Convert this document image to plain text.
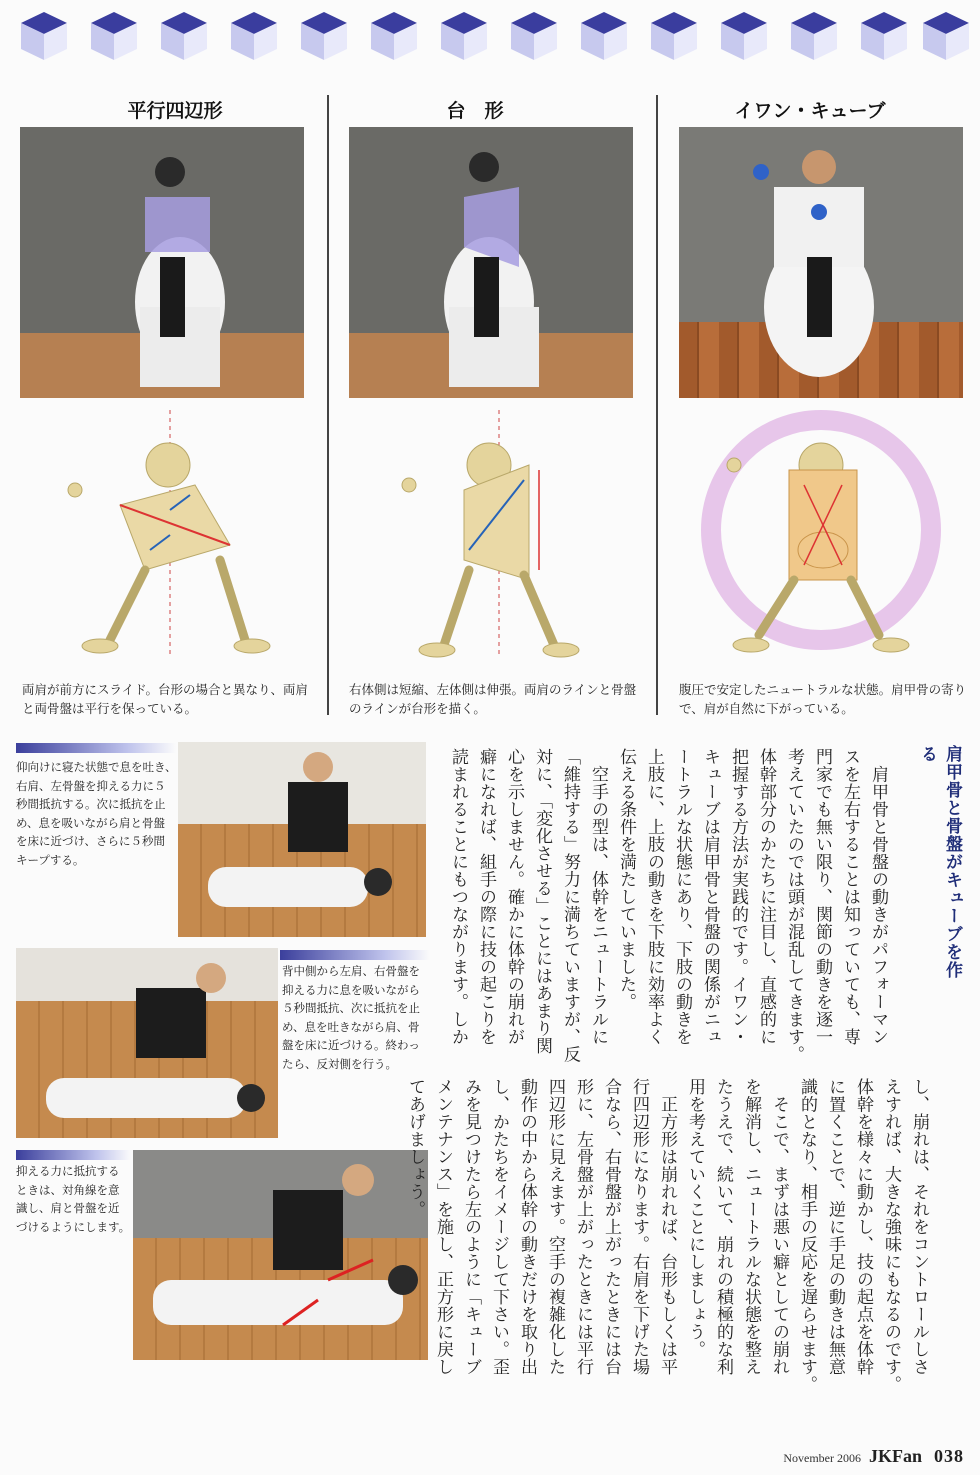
平行四辺形	台　形	イワン・キューブ
両肩が前方にスライド。台形の場合と異なり、両肩
と両骨盤は平行を保っている。
右体側は短縮、左体側は伸張。両肩のラインと骨盤
のラインが台形を描く。
腹圧で安定したニュートラルな状態。肩甲骨の寄り
で、肩が自然に下がっている。
仰向けに寝た状態で息を吐き、
右肩、左骨盤を抑える力に５
秒間抵抗する。次に抵抗を止
め、息を吸いながら肩と骨盤
を床に近づけ、さらに５秒間
キープする。
背中側から左肩、右骨盤を
抑える力に息を吸いながら
５秒間抵抗、次に抵抗を止
め、息を吐きながら肩、骨
盤を床に近づける。終わっ
たら、反対側を行う。
抑える力に抵抗する
ときは、対角線を意
識し、肩と骨盤を近
づけるようにします。
肩甲骨と骨盤がキューブを作る
　肩甲骨と骨盤の動きがパフォーマン
スを左右することは知っていても、専
門家でも無い限り、関節の動きを逐一
考えていたのでは頭が混乱してきます。
体幹部分のかたちに注目し、直感的に
把握する方法が実践的です。イワン・
キューブは肩甲骨と骨盤の関係がニュ
ートラルな状態にあり、下肢の動きを
上肢に、上肢の動きを下肢に効率よく
伝える条件を満たしていました。
　空手の型は、体幹をニュートラルに
「維持する」努力に満ちていますが、反
対に、「変化させる」ことにはあまり関
心を示しません。確かに体幹の崩れが
癖になれば、組手の際に技の起こりを
読まれることにもつながります。しか
し、崩れは、それをコントロールしさ
えすれば、大きな強味にもなるのです。
体幹を様々に動かし、技の起点を体幹
に置くことで、逆に手足の動きは無意
識的となり、相手の反応を遅らせます。
　そこで、まずは悪い癖としての崩れ
を解消し、ニュートラルな状態を整え
たうえで、続いて、崩れの積極的な利
用を考えていくことにしましょう。
　正方形は崩れれば、台形もしくは平
行四辺形になります。右肩を下げた場
合なら、右骨盤が上がったときには台
形に、左骨盤が上がったときには平行
四辺形に見えます。空手の複雑化した
動作の中から体幹の動きだけを取り出
し、かたちをイメージして下さい。歪
みを見つけたら左のように「キューブ
メンテナンス」を施し、正方形に戻し
てあげましょう。
November 2006 JKFan 038
